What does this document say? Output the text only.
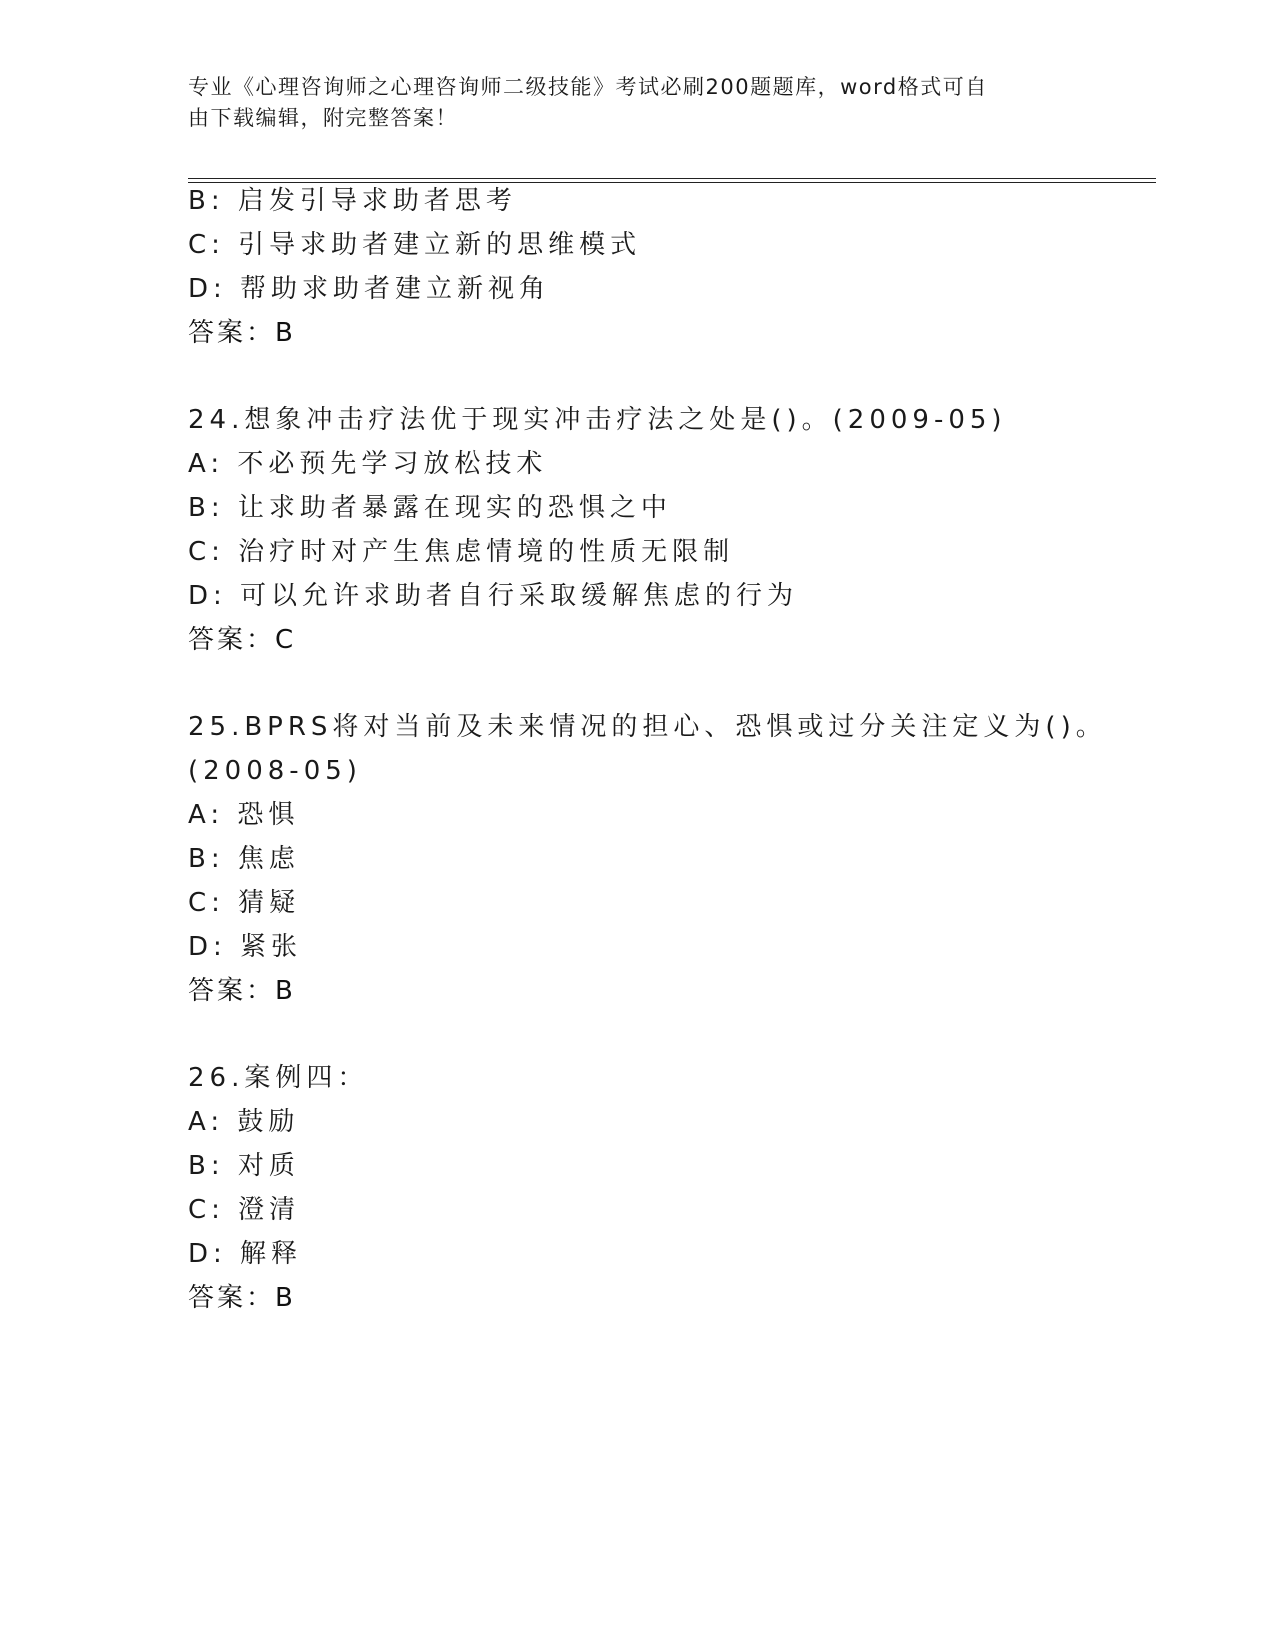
专业《心理咨询师之心理咨询师二级技能》考试必刷200题题库，word格式可自
由下载编辑，附完整答案！
B: 启发引导求助者思考
C: 引导求助者建立新的思维模式
D: 帮助求助者建立新视角
答案：B
24.想象冲击疗法优于现实冲击疗法之处是()。(2009-05)
A: 不必预先学习放松技术
B: 让求助者暴露在现实的恐惧之中
C: 治疗时对产生焦虑情境的性质无限制
D: 可以允许求助者自行采取缓解焦虑的行为
答案：C
25.BPRS将对当前及未来情况的担心、恐惧或过分关注定义为()。
(2008-05)
A: 恐惧
B: 焦虑
C: 猜疑
D: 紧张
答案：B
26.案例四：
A: 鼓励
B: 对质
C: 澄清
D: 解释
答案：B
